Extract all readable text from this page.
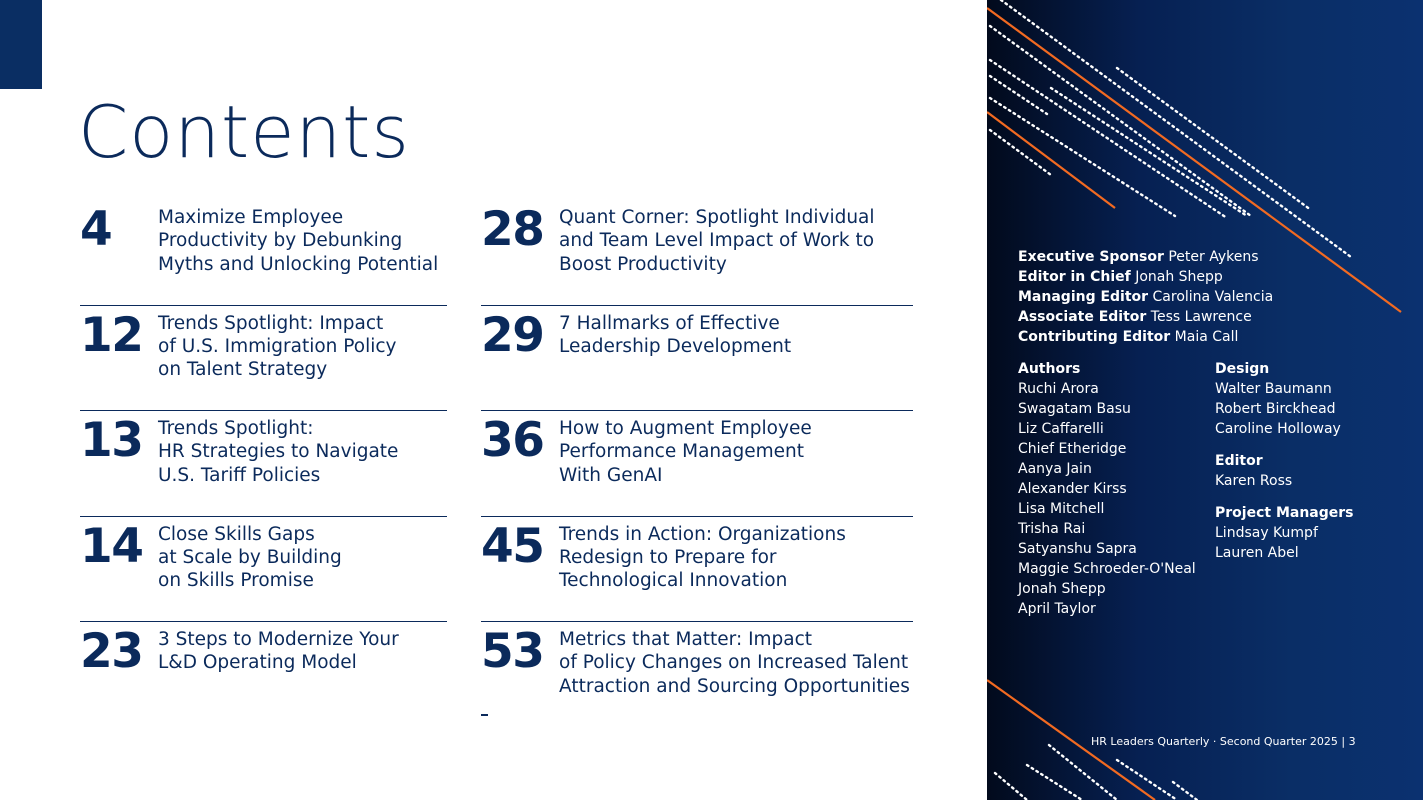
Contents
4	Maximize Employee
Productivity by Debunking
Myths and Unlocking Potential
12 Trends Spotlight: Impact
of U.S. Immigration Policy
on Talent Strategy
13 Trends Spotlight:
HR Strategies to Navigate
U.S. Tariff Policies
14 Close Skills Gaps
at Scale by Building
on Skills Promise
23 3 Steps to Modernize Your
L&D Operating Model
28 Quant Corner: Spotlight Individual
and Team Level Impact of Work to
Boost Productivity
29 7 Hallmarks of Effective
Leadership Development
36 How to Augment Employee
Performance Management
With GenAI
45 Trends in Action: Organizations
Redesign to Prepare for
Technological Innovation
53 Metrics that Matter: Impact
of Policy Changes on Increased Talent
Attraction and Sourcing Opportunities
Executive Sponsor Peter Aykens
Editor in Chief Jonah Shepp
Managing Editor Carolina Valencia
Associate Editor Tess Lawrence
Contributing Editor Maia Call
Authors
Ruchi Arora
Swagatam Basu
Liz Caffarelli
Chief Etheridge
Aanya Jain
Alexander Kirss
Lisa Mitchell
Trisha Rai
Satyanshu Sapra
Maggie Schroeder-O'Neal
Jonah Shepp
April Taylor
Design
Walter Baumann
Robert Birckhead
Caroline Holloway
Editor
Karen Ross
Project Managers
Lindsay Kumpf
Lauren Abel
HR Leaders Quarterly · Second Quarter 2025 | 3
